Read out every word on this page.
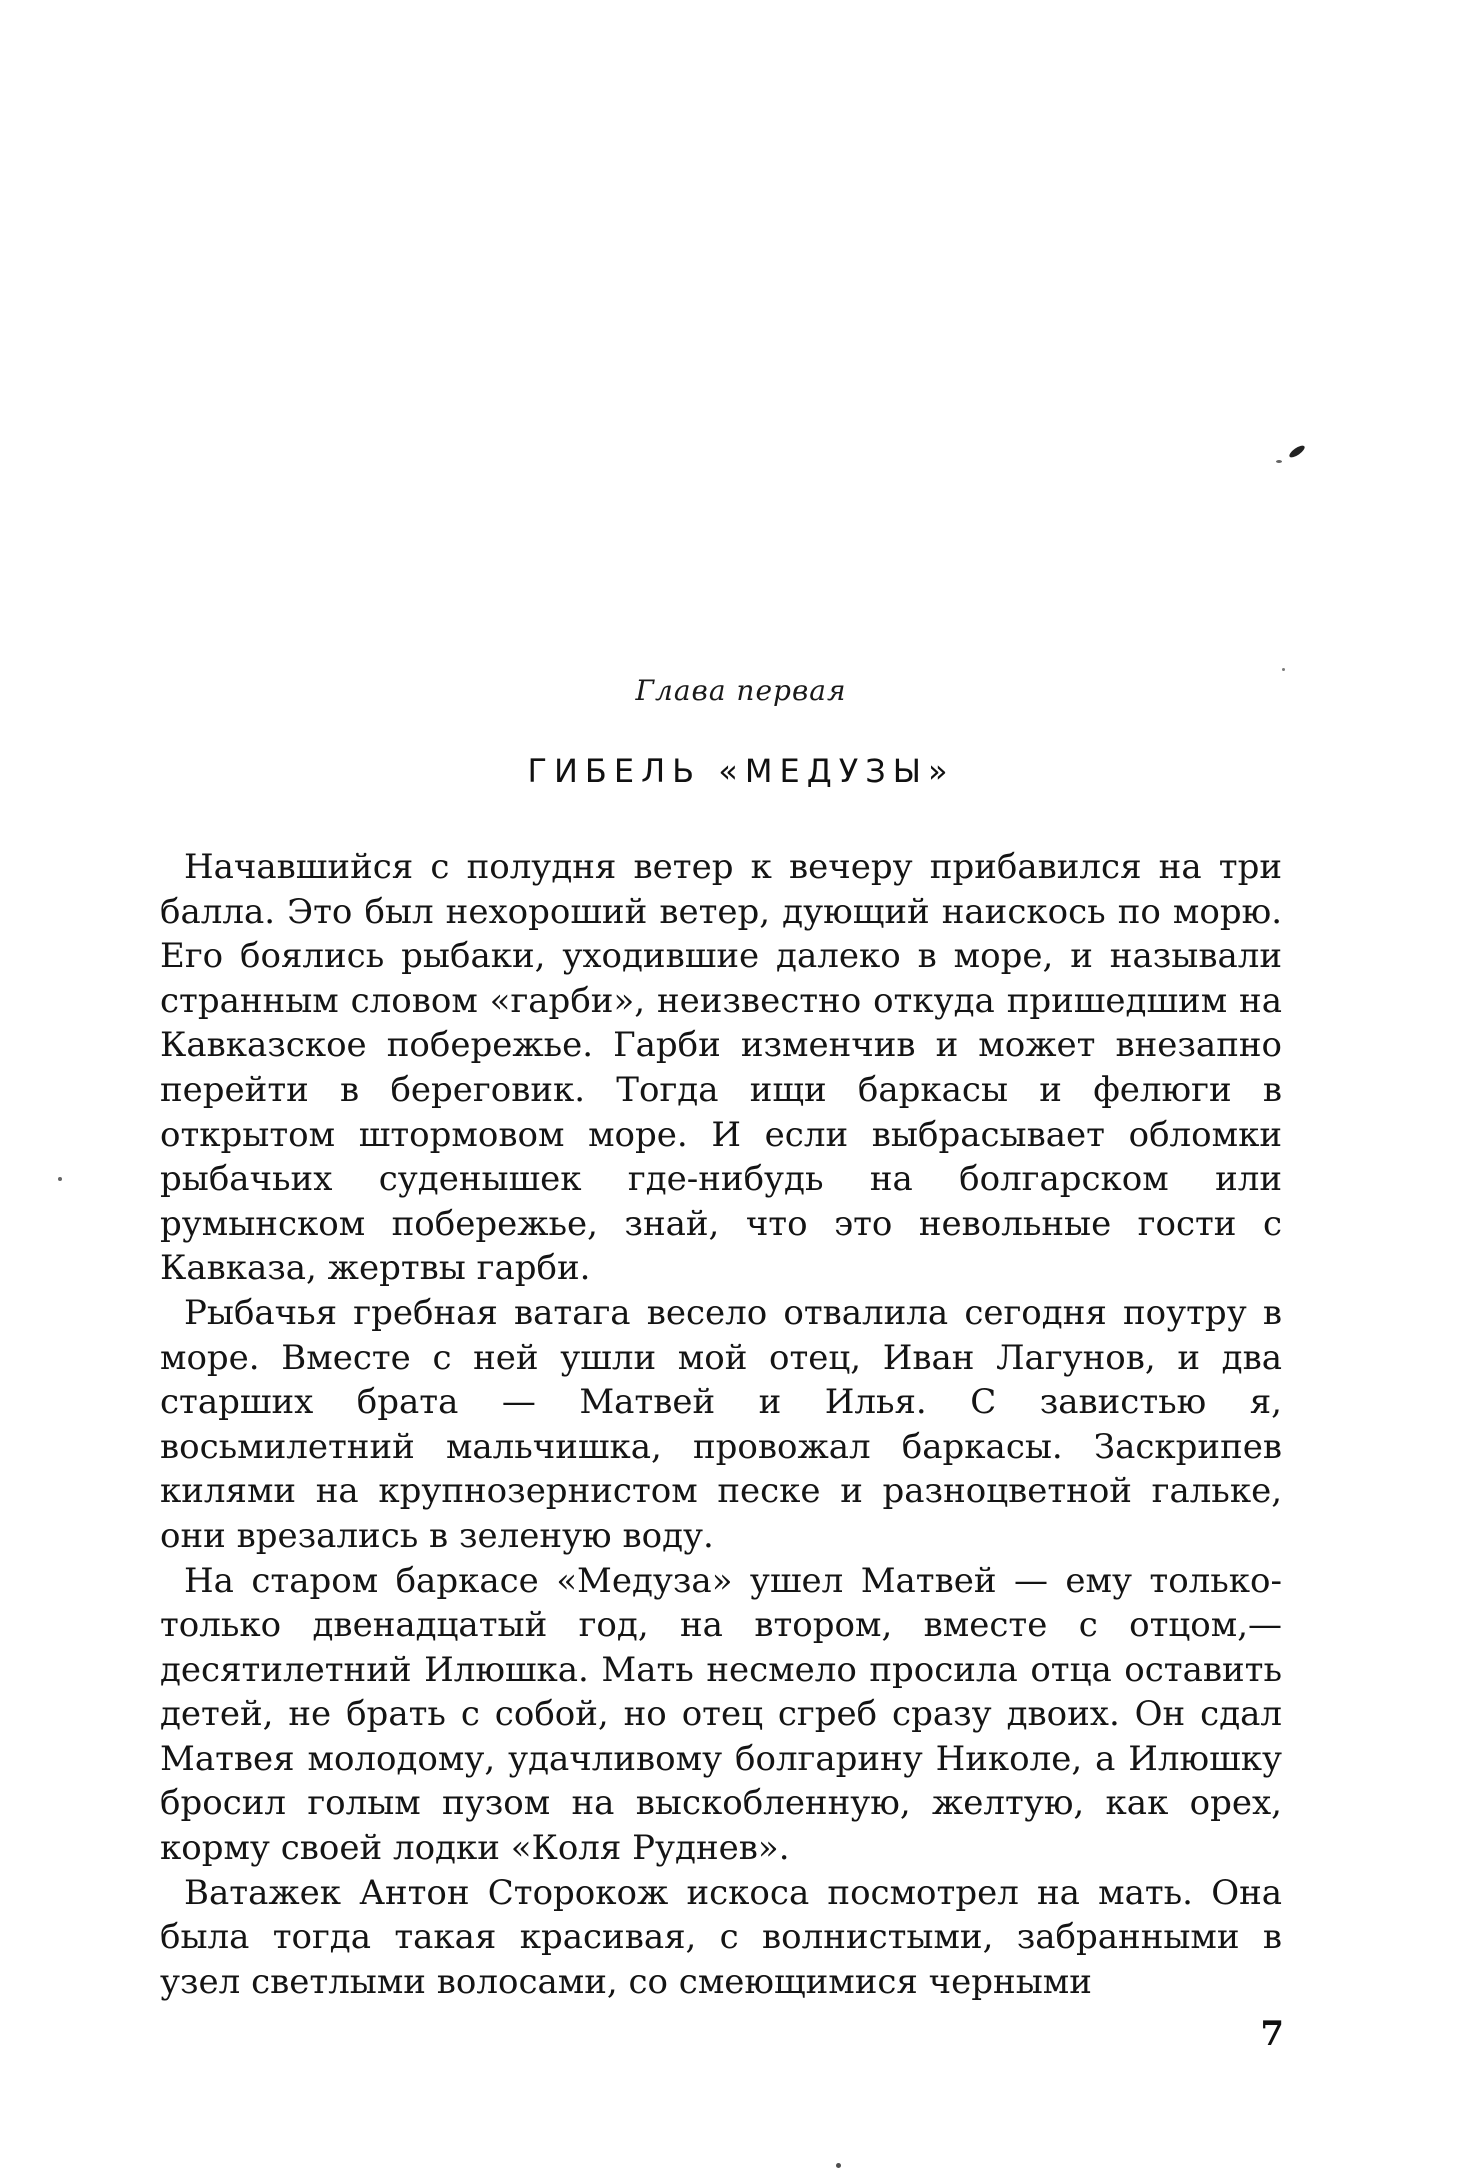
Глава первая
ГИБЕЛЬ «МЕДУЗЫ»

Начавшийся с полудня ветер к вечеру прибавился на три балла. Это был нехороший ветер, дующий наискось по морю. Его боялись рыбаки, уходившие далеко в море, и называли странным словом «гарби», неизвестно откуда пришедшим на Кавказское побережье. Гарби изменчив и может внезапно перейти в береговик. Тогда ищи баркасы и фелюги в открытом штормовом море. И если выбрасывает обломки рыбачьих суденышек где-нибудь на болгарском или румынском побережье, знай, что это невольные гости с Кавказа, жертвы гарби.

Рыбачья гребная ватага весело отвалила сегодня поутру в море. Вместе с ней ушли мой отец, Иван Лагунов, и два старших брата — Матвей и Илья. С завистью я, восьмилетний мальчишка, провожал баркасы. Заскрипев килями на крупнозернистом песке и разноцветной гальке, они врезались в зеленую воду.

На старом баркасе «Медуза» ушел Матвей — ему только-только двенадцатый год, на втором, вместе с отцом,— десятилетний Илюшка. Мать несмело просила отца оставить детей, не брать с собой, но отец сгреб сразу двоих. Он сдал Матвея молодому, удачливому болгарину Николе, а Илюшку бросил голым пузом на выскобленную, желтую, как орех, корму своей лодки «Коля Руднев».

Ватажек Антон Сторокож искоса посмотрел на мать. Она была тогда такая красивая, с волнистыми, забранными в узел светлыми волосами, со смеющимися черными

7
